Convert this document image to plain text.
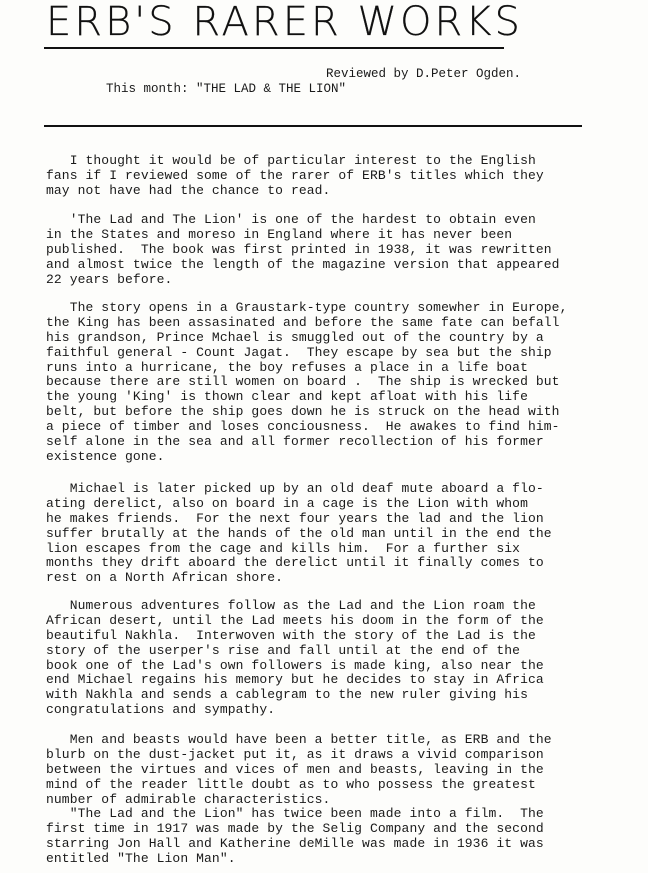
ERB'S RARER WORKS
Reviewed by D.Peter Ogden.
This month: "THE LAD & THE LION"

I thought it would be of particular interest to the English
fans if I reviewed some of the rarer of ERB's titles which they
may not have had the chance to read.

'The Lad and The Lion' is one of the hardest to obtain even
in the States and moreso in England where it has never been
published.  The book was first printed in 1938, it was rewritten
and almost twice the length of the magazine version that appeared
22 years before.

The story opens in a Graustark-type country somewher in Europe,
the King has been assasinated and before the same fate can befall
his grandson, Prince Mchael is smuggled out of the country by a
faithful general - Count Jagat.  They escape by sea but the ship
runs into a hurricane, the boy refuses a place in a life boat
because there are still women on board .  The ship is wrecked but
the young 'King' is thown clear and kept afloat with his life
belt, but before the ship goes down he is struck on the head with
a piece of timber and loses conciousness.  He awakes to find him-
self alone in the sea and all former recollection of his former
existence gone.

Michael is later picked up by an old deaf mute aboard a flo-
ating derelict, also on board in a cage is the Lion with whom
he makes friends.  For the next four years the lad and the lion
suffer brutally at the hands of the old man until in the end the
lion escapes from the cage and kills him.  For a further six
months they drift aboard the derelict until it finally comes to
rest on a North African shore.

Numerous adventures follow as the Lad and the Lion roam the
African desert, until the Lad meets his doom in the form of the
beautiful Nakhla.  Interwoven with the story of the Lad is the
story of the userper's rise and fall until at the end of the
book one of the Lad's own followers is made king, also near the
end Michael regains his memory but he decides to stay in Africa
with Nakhla and sends a cablegram to the new ruler giving his
congratulations and sympathy.

Men and beasts would have been a better title, as ERB and the
blurb on the dust-jacket put it, as it draws a vivid comparison
between the virtues and vices of men and beasts, leaving in the
mind of the reader little doubt as to who possess the greatest
number of admirable characteristics.
"The Lad and the Lion" has twice been made into a film.  The
first time in 1917 was made by the Selig Company and the second
starring Jon Hall and Katherine deMille was made in 1936 it was
entitled "The Lion Man".
